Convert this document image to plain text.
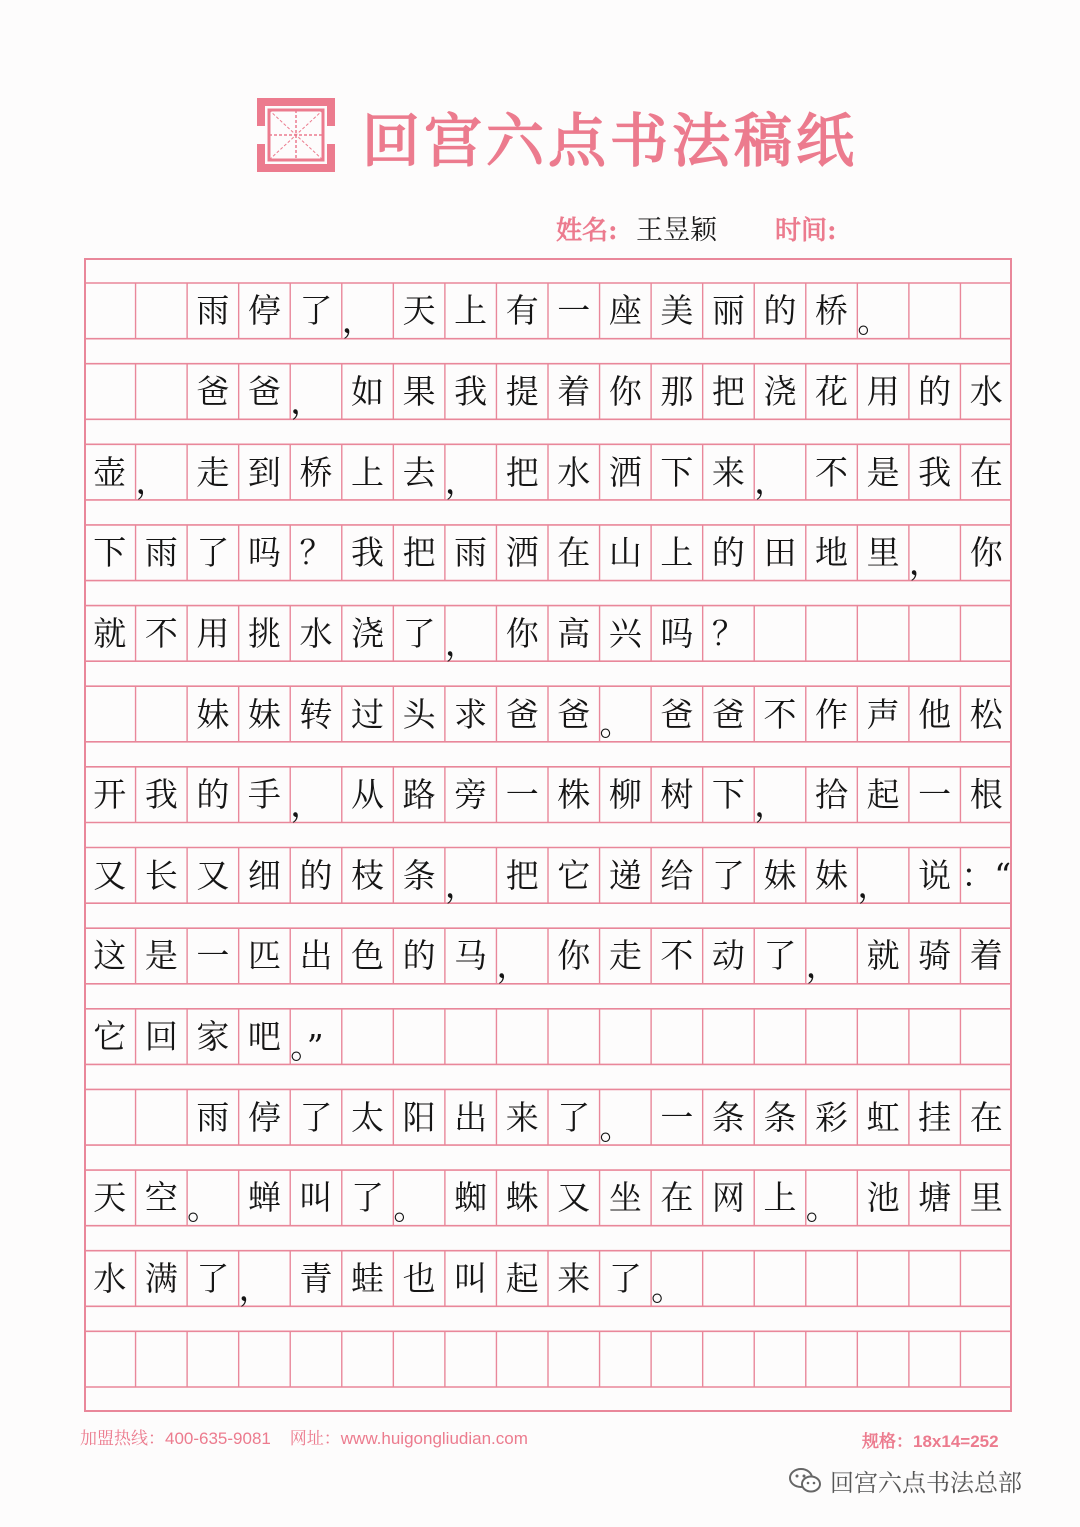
回宫六点书法稿纸
姓名: 王昱颖 时间:
雨 停 了 ， 天 上 有 一 座 美 丽 的 桥 。
爸 爸 ， 如 果 我 提 着 你 那 把 浇 花 用 的 水
壶 ， 走 到 桥 上 去 ， 把 水 洒 下 来 ， 不 是 我 在
下 雨 了 吗 ？ 我 把 雨 洒 在 山 上 的 田 地 里 ， 你
就 不 用 挑 水 浇 了 ， 你 高 兴 吗 ？
妹 妹 转 过 头 求 爸 爸 。 爸 爸 不 作 声 他 松
开 我 的 手 ， 从 路 旁 一 株 柳 树 下 ， 拾 起 一 根
又 长 又 细 的 枝 条 ， 把 它 递 给 了 妹 妹 ， 说 ：“
这 是 一 匹 出 色 的 马 ， 你 走 不 动 了 ， 就 骑 着
它 回 家 吧 。”
雨 停 了 太 阳 出 来 了 。 一 条 条 彩 虹 挂 在
天 空 。 蝉 叫 了 。 蜘 蛛 又 坐 在 网 上 。 池 塘 里
水 满 了 ， 青 蛙 也 叫 起 来 了 。
加盟热线：400-635-9081 网址：www.huigongliudian.com	规格：18x14=252
回宫六点书法总部
